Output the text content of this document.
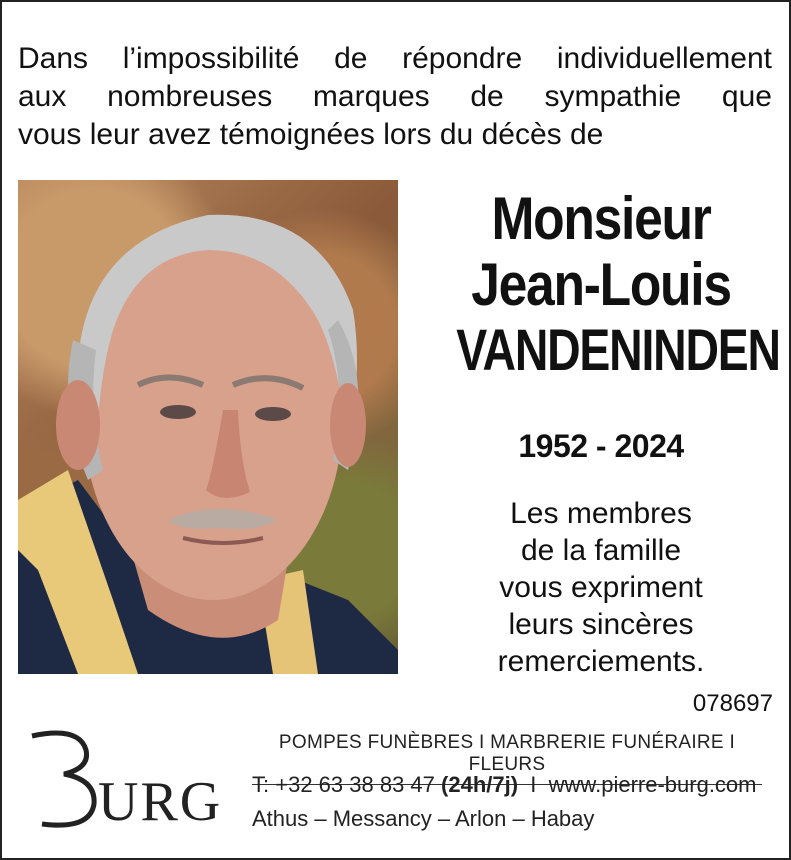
Dans l’impossibilité de répondre individuellement
aux nombreuses marques de sympathie que
vous leur avez témoignées lors du décès de
Monsieur
Jean-Louis
VANDENINDEN
1952 - 2024
Les membres
de la famille
vous expriment
leurs sincères
remerciements.
078697
URG
POMPES FUNÈBRES I MARBRERIE FUNÉRAIRE I FLEURS
T: +32 63 38 83 47 (24h/7j) I www.pierre-burg.com
Athus – Messancy – Arlon – Habay
